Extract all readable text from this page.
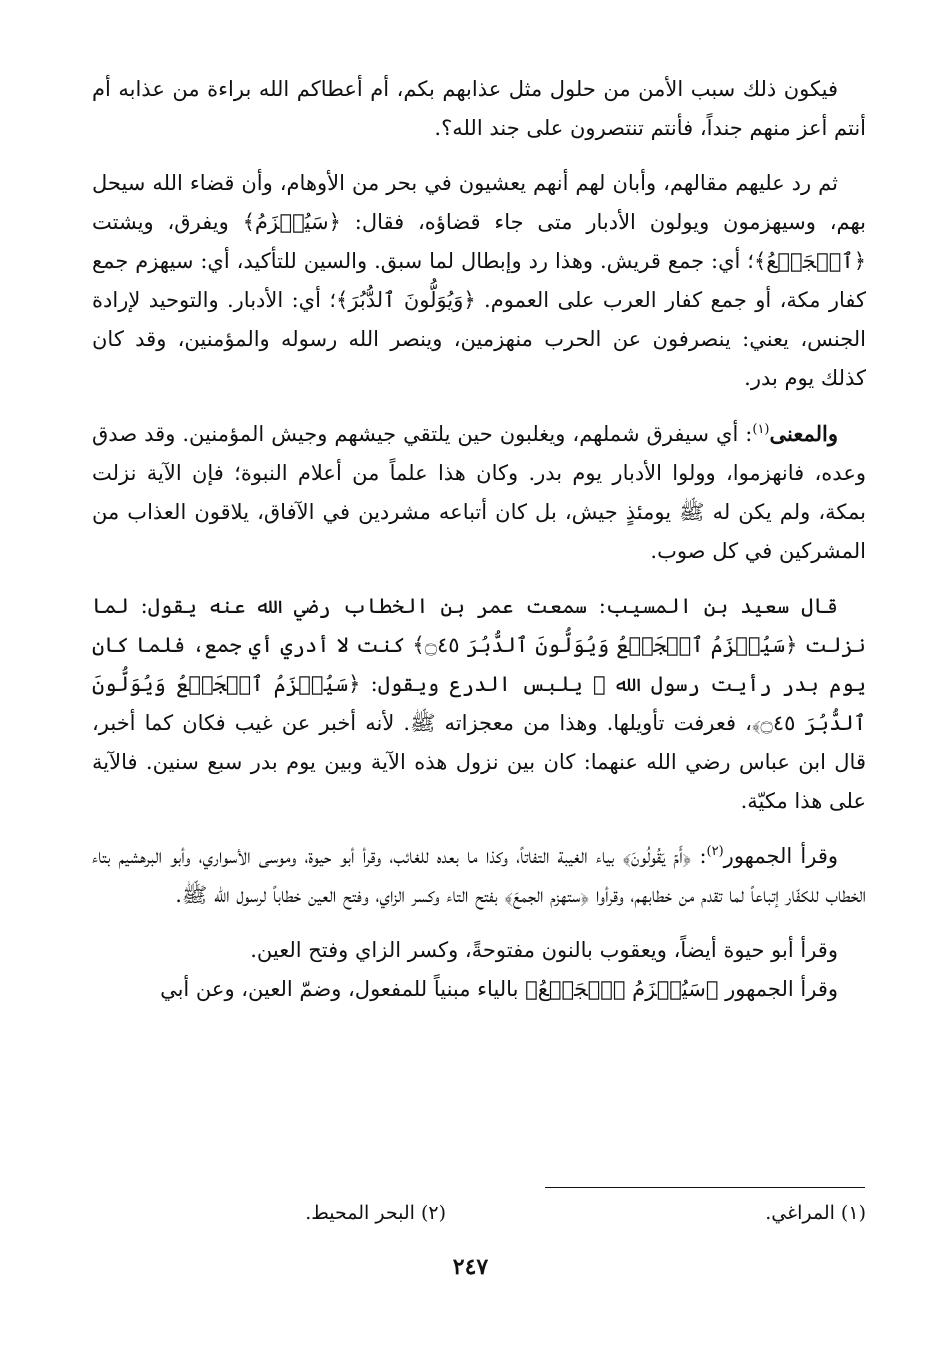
فيكون ذلك سبب الأمن من حلول مثل عذابهم بكم، أم أعطاكم الله براءة من عذابه أم أنتم أعز منهم جنداً، فأنتم تنتصرون على جند الله؟.

ثم رد عليهم مقالهم، وأبان لهم أنهم يعشيون في بحر من الأوهام، وأن قضاء الله سيحل بهم، وسيهزمون ويولون الأدبار متى جاء قضاؤه، فقال: ﴿سَيُهۡزَمُ﴾ ويفرق، ويشتت ﴿ٱلۡجَمۡعُ﴾؛ أي: جمع قريش. وهذا رد وإبطال لما سبق. والسين للتأكيد، أي: سيهزم جمع كفار مكة، أو جمع كفار العرب على العموم. ﴿وَيُوَلُّونَ ٱلدُّبُرَ﴾؛ أي: الأدبار. والتوحيد لإرادة الجنس، يعني: ينصرفون عن الحرب منهزمين، وينصر الله رسوله والمؤمنين، وقد كان كذلك يوم بدر.

والمعنى$^{(١)}$: أي سيفرق شملهم، ويغلبون حين يلتقي جيشهم وجيش المؤمنين. وقد صدق وعده، فانهزموا، وولوا الأدبار يوم بدر. وكان هذا علماً من أعلام النبوة؛ فإن الآية نزلت بمكة، ولم يكن له ﷺ يومئذٍ جيش، بل كان أتباعه مشردين في الآفاق، يلاقون العذاب من المشركين في كل صوب.

قال سعيد بن المسيب: سمعت عمر بن الخطاب رضي الله عنه يقول: لما نزلت ﴿سَيُهۡزَمُ ٱلۡجَمۡعُ وَيُوَلُّونَ ٱلدُّبُرَ ۝٤٥﴾ كنت لا أدري أي جمع، فلما كان يوم بدر رأيت رسول الله ﷺ يلبس الدرع ويقول: ﴿سَيُهۡزَمُ ٱلۡجَمۡعُ وَيُوَلُّونَ ٱلدُّبُرَ ۝٤٥﴾، فعرفت تأويلها. وهذا من معجزاته ﷺ. لأنه أخبر عن غيب فكان كما أخبر، قال ابن عباس رضي الله عنهما: كان بين نزول هذه الآية وبين يوم بدر سبع سنين. فالآية على هذا مكيّة.

وقرأ الجمهور$^{(٢)}$: ﴿أَمۡ يَقُولُونَ﴾ بياء الغيبة التفاتاً، وكذا ما بعده للغائب، وقرأ أبو حيوة، وموسى الأسواري، وأبو البرهشيم بتاء الخطاب للكفّار إتباعاً لما تقدم من خطابهم، وقرأوا ﴿ستهزم الجمعَ﴾ بفتح التاء وكسر الزاي، وفتح العين خطاباً لرسول الله ﷺ.

وقرأ أبو حيوة أيضاً، ويعقوب بالنون مفتوحةً، وكسر الزاي وفتح العين.

وقرأ الجمهور ﴿سَيُهۡزَمُ ٱلۡجَمۡعُ﴾ بالياء مبنياً للمفعول، وضمّ العين، وعن أبي

(١) المراغي.
(٢) البحر المحيط.
٢٤٧
